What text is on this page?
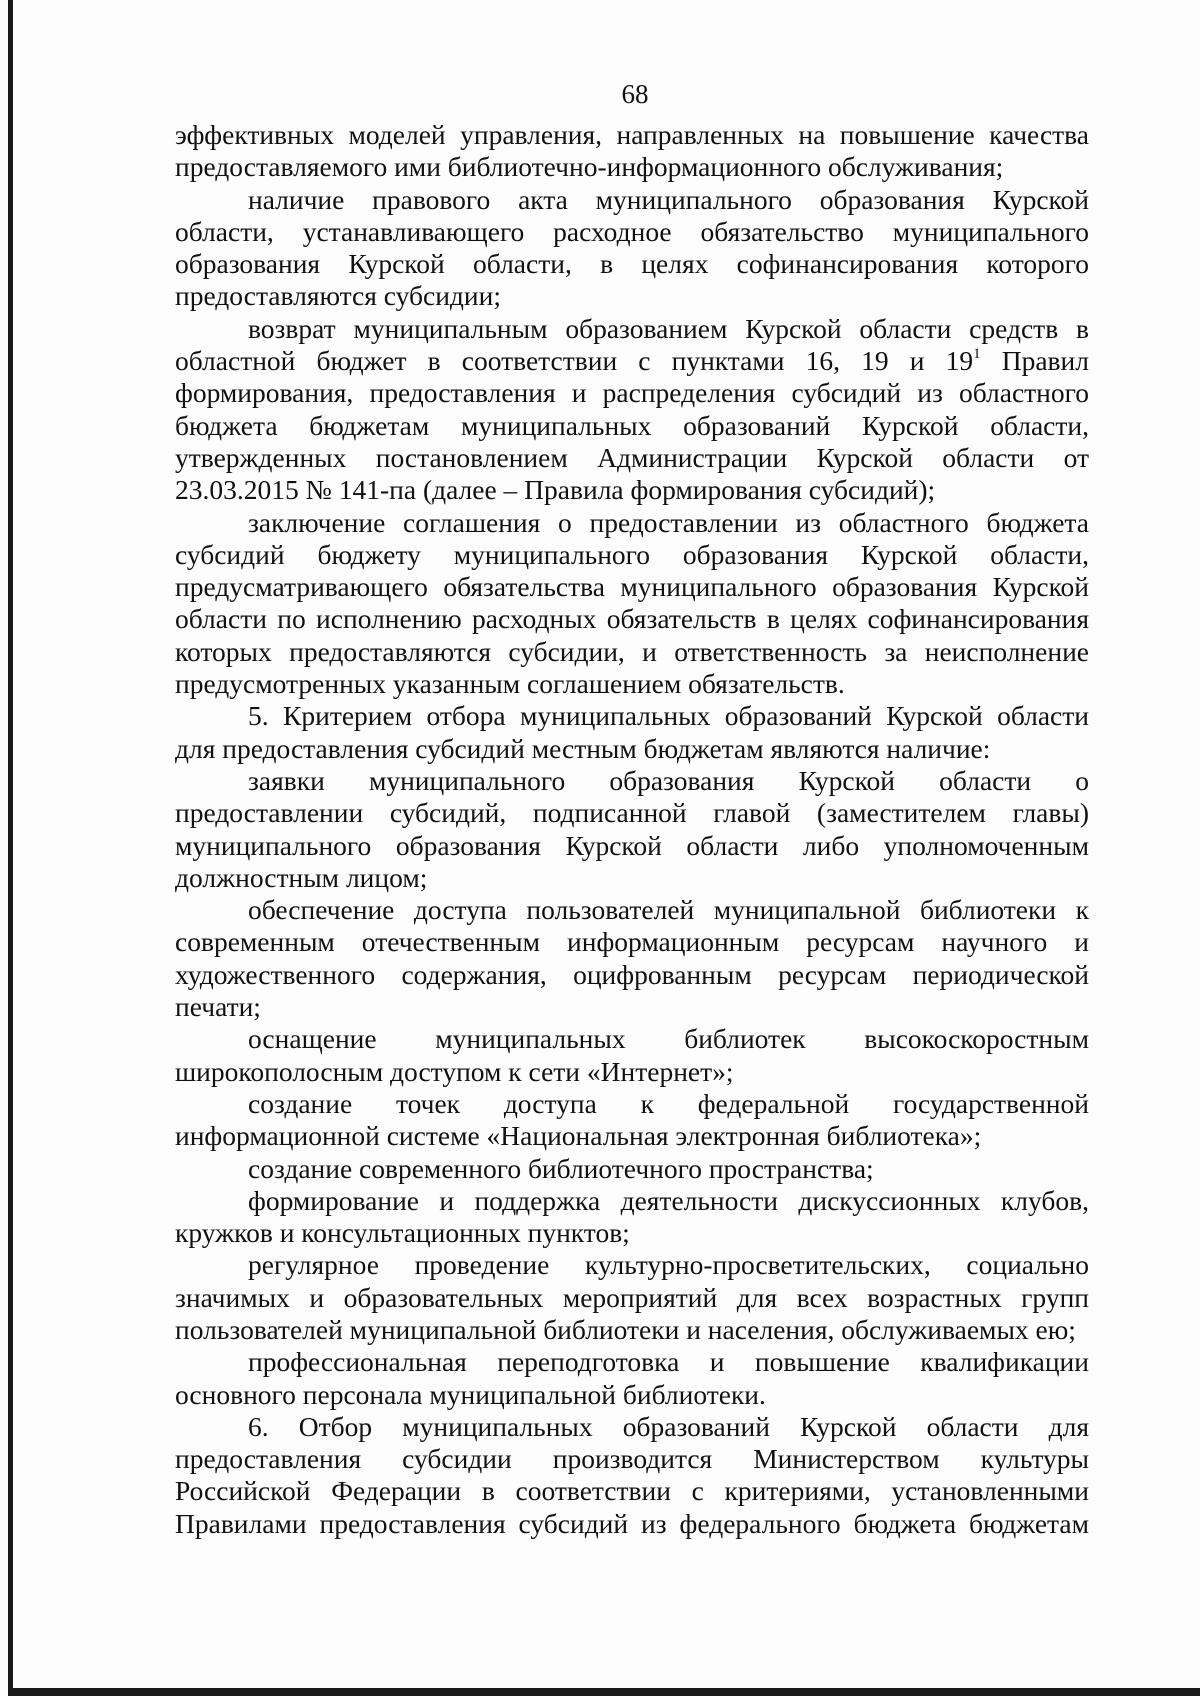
68

эффективных моделей управления, направленных на повышение качества предоставляемого ими библиотечно-информационного обслуживания;

наличие правового акта муниципального образования Курской области, устанавливающего расходное обязательство муниципального образования Курской области, в целях софинансирования которого предоставляются субсидии;

возврат муниципальным образованием Курской области средств в областной бюджет в соответствии с пунктами 16, 19 и $19^1$ Правил формирования, предоставления и распределения субсидий из областного бюджета бюджетам муниципальных образований Курской области, утвержденных постановлением Администрации Курской области от 23.03.2015 № 141-па (далее – Правила формирования субсидий);

заключение соглашения о предоставлении из областного бюджета субсидий бюджету муниципального образования Курской области, предусматривающего обязательства муниципального образования Курской области по исполнению расходных обязательств в целях софинансирования которых предоставляются субсидии, и ответственность за неисполнение предусмотренных указанным соглашением обязательств.

5. Критерием отбора муниципальных образований Курской области для предоставления субсидий местным бюджетам являются наличие:

заявки муниципального образования Курской области о предоставлении субсидий, подписанной главой (заместителем главы) муниципального образования Курской области либо уполномоченным должностным лицом;

обеспечение доступа пользователей муниципальной библиотеки к современным отечественным информационным ресурсам научного и художественного содержания, оцифрованным ресурсам периодической печати;

оснащение муниципальных библиотек высокоскоростным широкополосным доступом к сети «Интернет»;

создание точек доступа к федеральной государственной информационной системе «Национальная электронная библиотека»;

создание современного библиотечного пространства;

формирование и поддержка деятельности дискуссионных клубов, кружков и консультационных пунктов;

регулярное проведение культурно-просветительских, социально значимых и образовательных мероприятий для всех возрастных групп пользователей муниципальной библиотеки и населения, обслуживаемых ею;

профессиональная переподготовка и повышение квалификации основного персонала муниципальной библиотеки.

6. Отбор муниципальных образований Курской области для предоставления субсидии производится Министерством культуры Российской Федерации в соответствии с критериями, установленными Правилами предоставления субсидий из федерального бюджета бюджетам
